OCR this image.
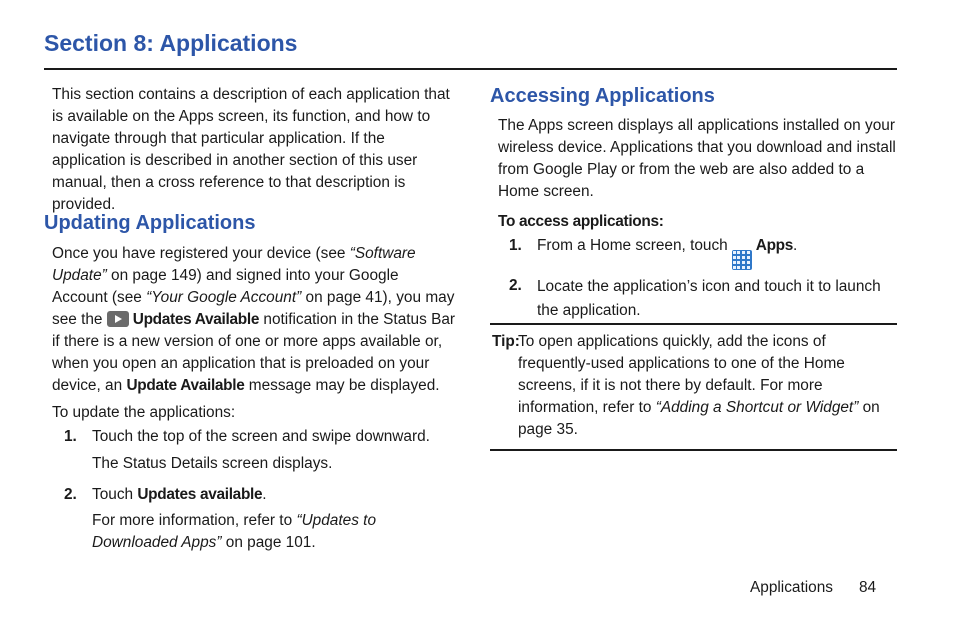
Section 8: Applications

This section contains a description of each application that is available on the Apps screen, its function, and how to navigate through that particular application. If the application is described in another section of this user manual, then a cross reference to that description is provided.

Updating Applications

Once you have registered your device (see “Software Update” on page 149) and signed into your Google Account (see “Your Google Account” on page 41), you may see the Updates Available notification in the Status Bar if there is a new version of one or more apps available or, when you open an application that is preloaded on your device, an Update Available message may be displayed.

To update the applications:

1. Touch the top of the screen and swipe downward.

The Status Details screen displays.

2. Touch Updates available.

For more information, refer to “Updates to Downloaded Apps” on page 101.

Accessing Applications

The Apps screen displays all applications installed on your wireless device. Applications that you download and install from Google Play or from the web are also added to a Home screen.

To access applications:

1. From a Home screen, touch Apps.

2. Locate the application’s icon and touch it to launch the application.

Tip:

To open applications quickly, add the icons of frequently-used applications to one of the Home screens, if it is not there by default. For more information, refer to “Adding a Shortcut or Widget” on page 35.

Applications 84
